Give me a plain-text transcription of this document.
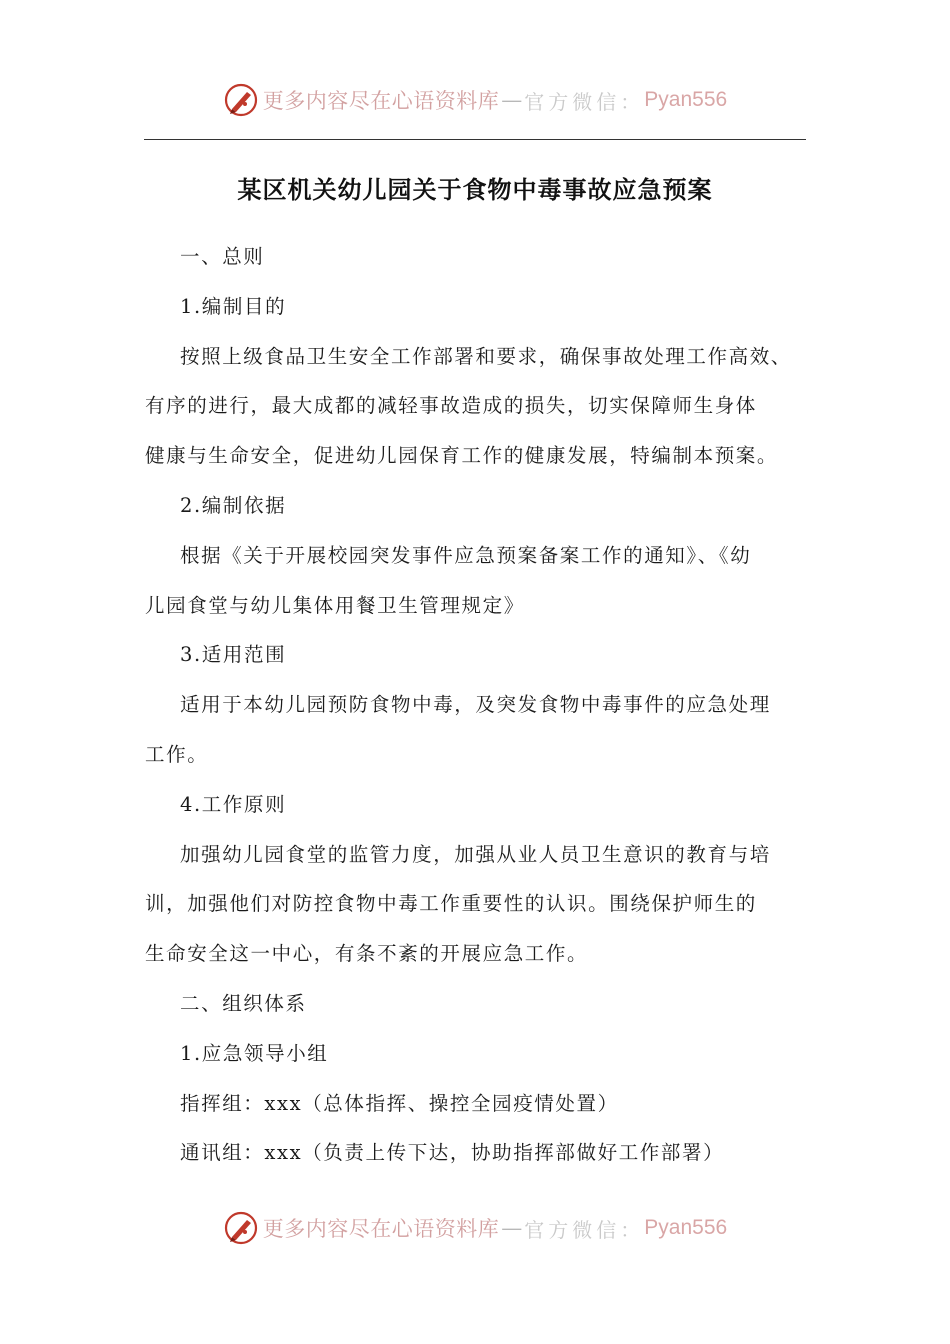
更多内容尽在心语资料库 — 官方微信： Pyan556
某区机关幼儿园关于食物中毒事故应急预案
一、总则
1.编制目的
按照上级食品卫生安全工作部署和要求，确保事故处理工作高效、
有序的进行，最大成都的减轻事故造成的损失，切实保障师生身体
健康与生命安全，促进幼儿园保育工作的健康发展，特编制本预案。
2.编制依据
根据《关于开展校园突发事件应急预案备案工作的通知》、《幼
儿园食堂与幼儿集体用餐卫生管理规定》
3.适用范围
适用于本幼儿园预防食物中毒，及突发食物中毒事件的应急处理
工作。
4.工作原则
加强幼儿园食堂的监管力度，加强从业人员卫生意识的教育与培
训，加强他们对防控食物中毒工作重要性的认识。围绕保护师生的
生命安全这一中心，有条不紊的开展应急工作。
二、组织体系
1.应急领导小组
指挥组：xxx（总体指挥、操控全园疫情处置）
通讯组：xxx（负责上传下达，协助指挥部做好工作部署）
更多内容尽在心语资料库 — 官方微信： Pyan556
